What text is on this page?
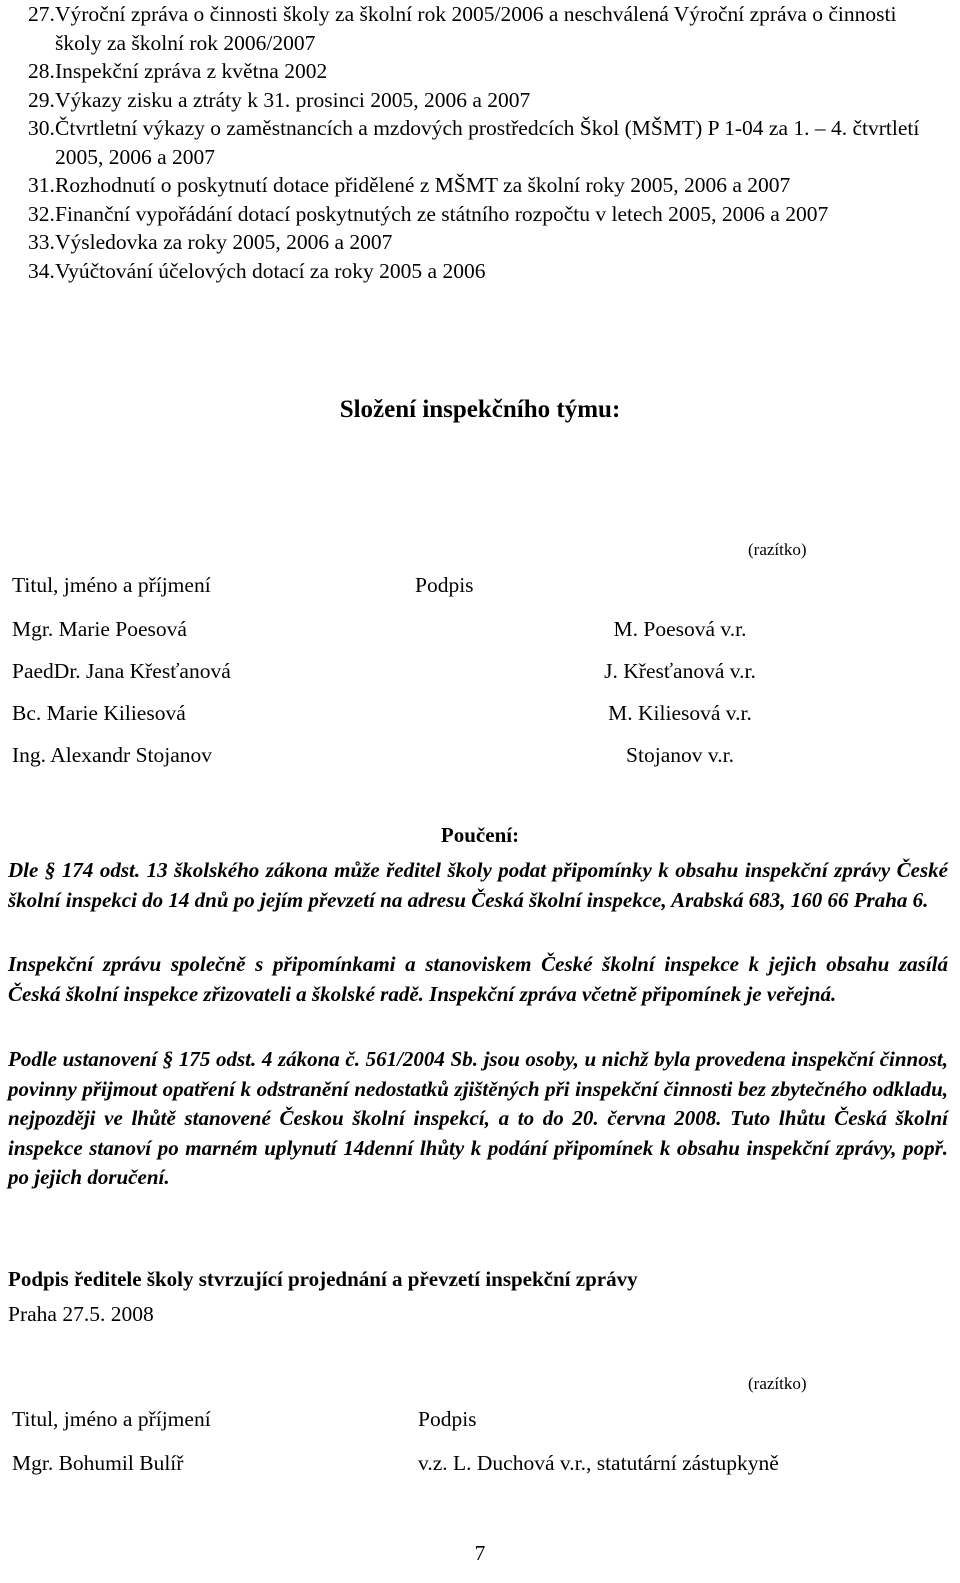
27. Výroční zpráva o činnosti školy za školní rok 2005/2006 a neschválená Výroční zpráva o činnosti školy za školní rok 2006/2007
28. Inspekční zpráva z května 2002
29. Výkazy zisku a ztráty k 31. prosinci 2005, 2006 a 2007
30. Čtvrtletní výkazy o zaměstnancích a mzdových prostředcích Škol (MŠMT) P 1-04 za 1. – 4. čtvrtletí 2005, 2006 a 2007
31. Rozhodnutí o poskytnutí dotace přidělené z MŠMT za školní roky 2005, 2006 a 2007
32. Finanční vypořádání dotací poskytnutých ze státního rozpočtu v letech 2005, 2006 a 2007
33. Výsledovka za roky 2005, 2006 a 2007
34. Vyúčtování účelových dotací za roky 2005 a 2006
Složení inspekčního týmu:
(razítko)
Titul, jméno a příjmení	Podpis
Mgr. Marie Poesová	M. Poesová v.r.
PaedDr. Jana Křesťanová	J. Křesťanová v.r.
Bc. Marie Kiliesová	M. Kiliesová v.r.
Ing. Alexandr Stojanov	Stojanov v.r.
Poučení:

Dle § 174 odst. 13 školského zákona může ředitel školy podat připomínky k obsahu inspekční zprávy České školní inspekci do 14 dnů po jejím převzetí na adresu Česká školní inspekce, Arabská 683, 160 66 Praha 6.

Inspekční zprávu společně s připomínkami a stanoviskem České školní inspekce k jejich obsahu zasílá Česká školní inspekce zřizovateli a školské radě. Inspekční zpráva včetně připomínek je veřejná.

Podle ustanovení § 175 odst. 4 zákona č. 561/2004 Sb. jsou osoby, u nichž byla provedena inspekční činnost, povinny přijmout opatření k odstranění nedostatků zjištěných při inspekční činnosti bez zbytečného odkladu, nejpozději ve lhůtě stanovené Českou školní inspekcí, a to do 20. června 2008. Tuto lhůtu Česká školní inspekce stanoví po marném uplynutí 14denní lhůty k podání připomínek k obsahu inspekční zprávy, popř. po jejich doručení.

Podpis ředitele školy stvrzující projednání a převzetí inspekční zprávy
Praha 27.5. 2008
(razítko)
Titul, jméno a příjmení	Podpis
Mgr. Bohumil Bulíř	v.z. L. Duchová v.r., statutární zástupkyně
7
